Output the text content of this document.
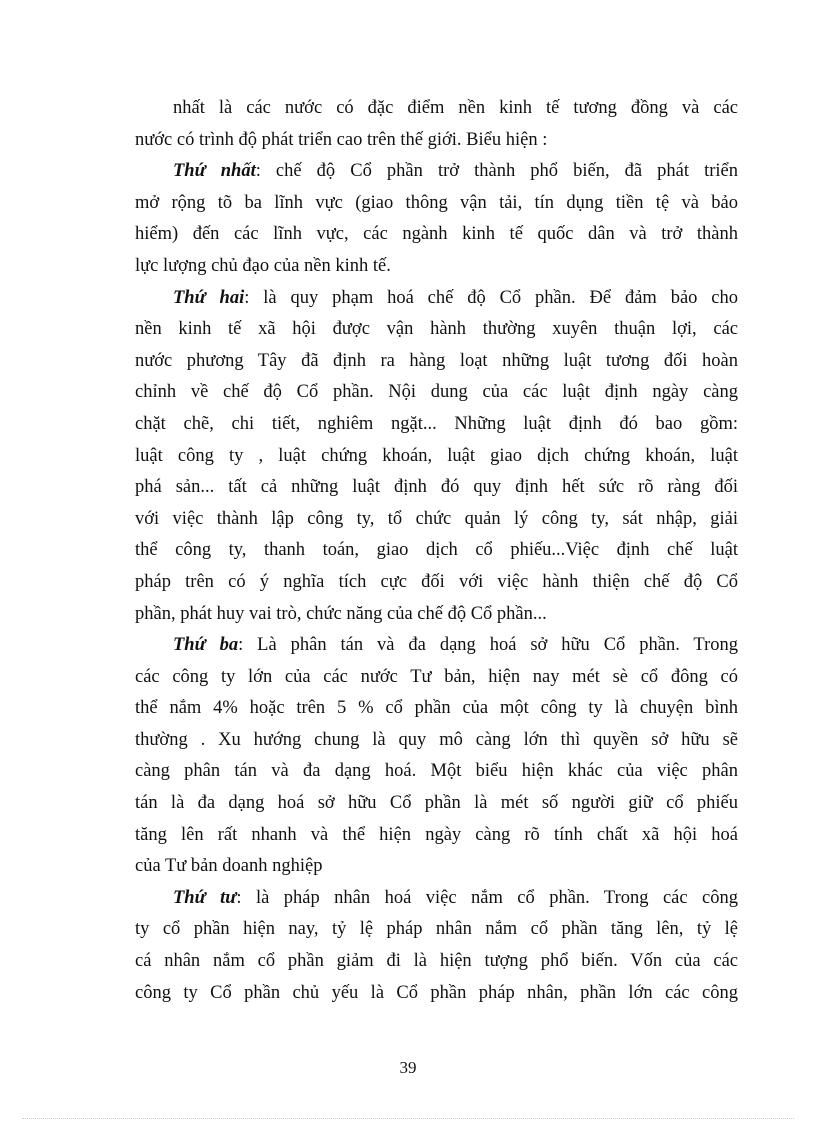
nhất là các nước có đặc điểm nền kinh tế tương đồng và các
nước có trình độ phát triển cao trên thế giới. Biểu hiện :
Thứ nhất: chế độ Cổ phần trở thành phổ biến, đã phát triển
mở rộng tõ ba lĩnh vực (giao thông vận tải, tín dụng tiền tệ và bảo
hiểm) đến các lĩnh vực, các ngành kinh tế quốc dân và trở thành
lực lượng chủ đạo của nền kinh tế.
Thứ hai: là quy phạm hoá chế độ Cổ phần. Để đảm bảo cho
nền kinh tế xã hội được vận hành thường xuyên thuận lợi, các
nước phương Tây đã định ra hàng loạt những luật tương đối hoàn
chỉnh về chế độ Cổ phần. Nội dung của các luật định ngày càng
chặt chẽ, chi tiết, nghiêm ngặt... Những luật định đó bao gồm:
luật công ty , luật chứng khoán, luật giao dịch chứng khoán, luật
phá sản... tất cả những luật định đó quy định hết sức rõ ràng đối
với việc thành lập công ty, tổ chức quản lý công ty, sát nhập, giải
thể công ty, thanh toán, giao dịch cổ phiếu...Việc định chế luật
pháp trên có ý nghĩa tích cực đối với việc hành thiện chế độ Cổ
phần, phát huy vai trò, chức năng của chế độ Cổ phần...
Thứ ba: Là phân tán và đa dạng hoá sở hữu Cổ phần. Trong
các công ty lớn của các nước Tư bản, hiện nay mét sè cổ đông có
thể nắm 4% hoặc trên 5 % cổ phần của một công ty là chuyện bình
thường . Xu hướng chung là quy mô càng lớn thì quyền sở hữu sẽ
càng phân tán và đa dạng hoá. Một biểu hiện khác của việc phân
tán là đa dạng hoá sở hữu Cổ phần là mét số người giữ cổ phiếu
tăng lên rất nhanh và thể hiện ngày càng rõ tính chất xã hội hoá
của Tư bản doanh nghiệp
Thứ tư: là pháp nhân hoá việc nắm cổ phần. Trong các công
ty cổ phần hiện nay, tỷ lệ pháp nhân nắm cổ phần tăng lên, tỷ lệ
cá nhân nắm cổ phần giảm đi là hiện tượng phổ biến. Vốn của các
công ty Cổ phần chủ yếu là Cổ phần pháp nhân, phần lớn các công
39
